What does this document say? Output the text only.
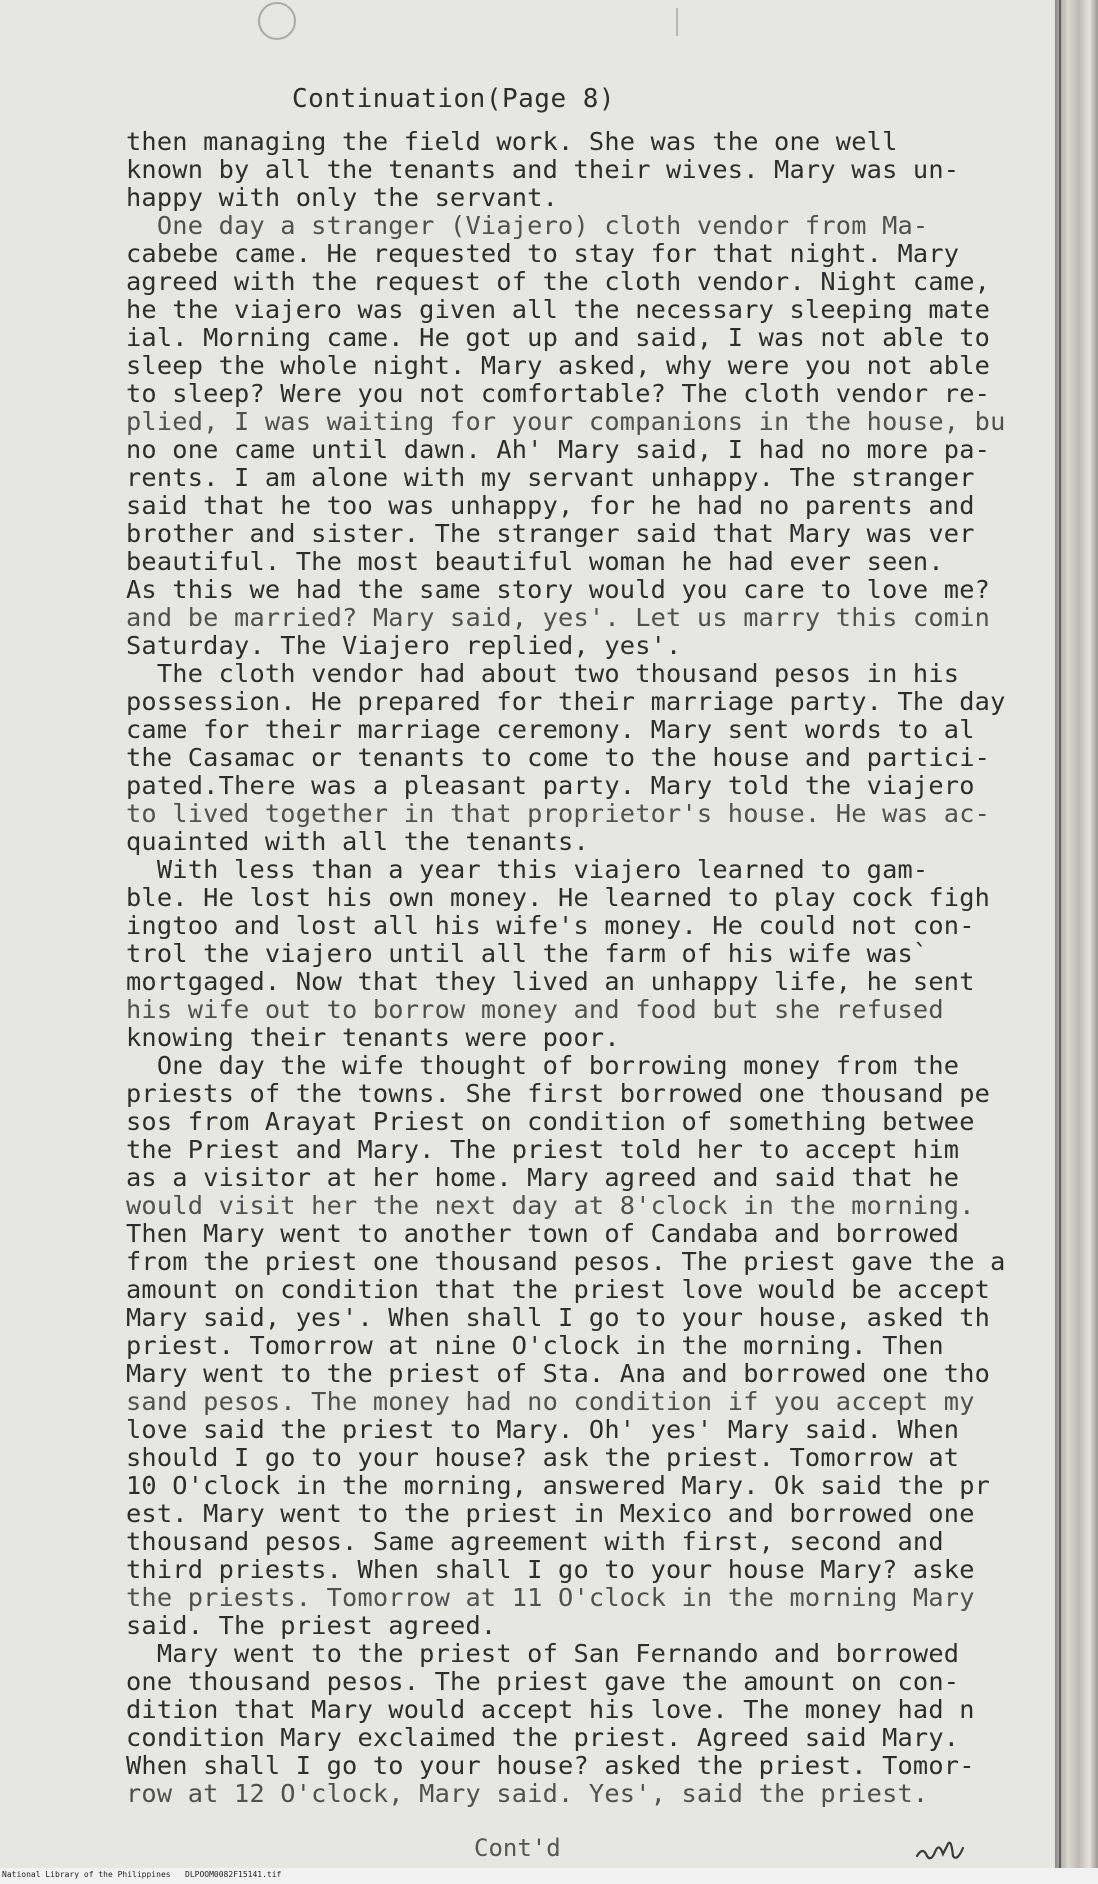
Continuation(Page 8)
then managing the field work. She was the one well
known by all the tenants and their wives. Mary was un-
happy with only the servant.
One day a stranger (Viajero) cloth vendor from Ma-
cabebe came. He requested to stay for that night. Mary
agreed with the request of the cloth vendor. Night came,
he the viajero was given all the necessary sleeping mate
ial. Morning came. He got up and said, I was not able to
sleep the whole night. Mary asked, why were you not able
to sleep? Were you not comfortable? The cloth vendor re-
plied, I was waiting for your companions in the house, bu
no one came until dawn. Ah' Mary said, I had no more pa-
rents. I am alone with my servant unhappy. The stranger
said that he too was unhappy, for he had no parents and
brother and sister. The stranger said that Mary was ver
beautiful. The most beautiful woman he had ever seen.
As this we had the same story would you care to love me?
and be married? Mary said, yes'. Let us marry this comin
Saturday. The Viajero replied, yes'.
The cloth vendor had about two thousand pesos in his
possession. He prepared for their marriage party. The day
came for their marriage ceremony. Mary sent words to al
the Casamac or tenants to come to the house and partici-
pated.There was a pleasant party. Mary told the viajero
to lived together in that proprietor's house. He was ac-
quainted with all the tenants.
With less than a year this viajero learned to gam-
ble. He lost his own money. He learned to play cock figh
ingtoo and lost all his wife's money. He could not con-
trol the viajero until all the farm of his wife was`
mortgaged. Now that they lived an unhappy life, he sent
his wife out to borrow money and food but she refused
knowing their tenants were poor.
One day the wife thought of borrowing money from the
priests of the towns. She first borrowed one thousand pe
sos from Arayat Priest on condition of something betwee
the Priest and Mary. The priest told her to accept him
as a visitor at her home. Mary agreed and said that he
would visit her the next day at 8'clock in the morning.
Then Mary went to another town of Candaba and borrowed
from the priest one thousand pesos. The priest gave the a
amount on condition that the priest love would be accept
Mary said, yes'. When shall I go to your house, asked th
priest. Tomorrow at nine O'clock in the morning. Then
Mary went to the priest of Sta. Ana and borrowed one tho
sand pesos. The money had no condition if you accept my
love said the priest to Mary. Oh' yes' Mary said. When
should I go to your house? ask the priest. Tomorrow at
10 O'clock in the morning, answered Mary. Ok said the pr
est. Mary went to the priest in Mexico and borrowed one
thousand pesos. Same agreement with first, second and
third priests. When shall I go to your house Mary? aske
the priests. Tomorrow at 11 O'clock in the morning Mary
said. The priest agreed.
Mary went to the priest of San Fernando and borrowed
one thousand pesos. The priest gave the amount on con-
dition that Mary would accept his love. The money had n
condition Mary exclaimed the priest. Agreed said Mary.
When shall I go to your house? asked the priest. Tomor-
row at 12 O'clock, Mary said. Yes', said the priest.
Cont'd
National Library of the Philippines   DLPOOM0082F15141.tif
